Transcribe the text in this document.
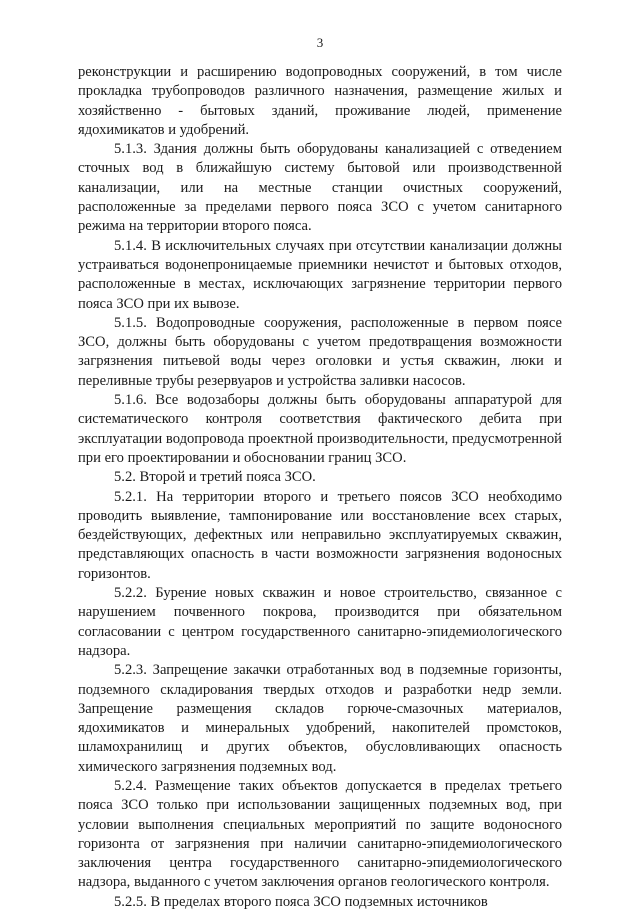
3

реконструкции и расширению водопроводных сооружений, в том числе прокладка трубопроводов различного назначения, размещение жилых и хозяйственно - бытовых зданий, проживание людей, применение ядохимикатов и удобрений.

5.1.3. Здания должны быть оборудованы канализацией с отведением сточных вод в ближайшую систему бытовой или производственной канализации, или на местные станции очистных сооружений, расположенные за пределами первого пояса ЗСО с учетом санитарного режима на территории второго пояса.

5.1.4. В исключительных случаях при отсутствии канализации должны устраиваться водонепроницаемые приемники нечистот и бытовых отходов, расположенные в местах, исключающих загрязнение территории первого пояса ЗСО при их вывозе.

5.1.5. Водопроводные сооружения, расположенные в первом поясе ЗСО, должны быть оборудованы с учетом предотвращения возможности загрязнения питьевой воды через оголовки и устья скважин, люки и переливные трубы резервуаров и устройства заливки насосов.

5.1.6. Все водозаборы должны быть оборудованы аппаратурой для систематического контроля соответствия фактического дебита при эксплуатации водопровода проектной производительности, предусмотренной при его проектировании и обосновании границ ЗСО.

5.2. Второй и третий пояса ЗСО.

5.2.1. На территории второго и третьего поясов ЗСО необходимо проводить выявление, тампонирование или восстановление всех старых, бездействующих, дефектных или неправильно эксплуатируемых скважин, представляющих опасность в части возможности загрязнения водоносных горизонтов.

5.2.2. Бурение новых скважин и новое строительство, связанное с нарушением почвенного покрова, производится при обязательном согласовании с центром государственного санитарно-эпидемиологического надзора.

5.2.3. Запрещение закачки отработанных вод в подземные горизонты, подземного складирования твердых отходов и разработки недр земли. Запрещение размещения складов горюче-смазочных материалов, ядохимикатов и минеральных удобрений, накопителей промстоков, шламохранилищ и других объектов, обусловливающих опасность химического загрязнения подземных вод.

5.2.4. Размещение таких объектов допускается в пределах третьего пояса ЗСО только при использовании защищенных подземных вод, при условии выполнения специальных мероприятий по защите водоносного горизонта от загрязнения при наличии санитарно-эпидемиологического заключения центра государственного санитарно-эпидемиологического надзора, выданного с учетом заключения органов геологического контроля.

5.2.5. В пределах второго пояса ЗСО подземных источников
